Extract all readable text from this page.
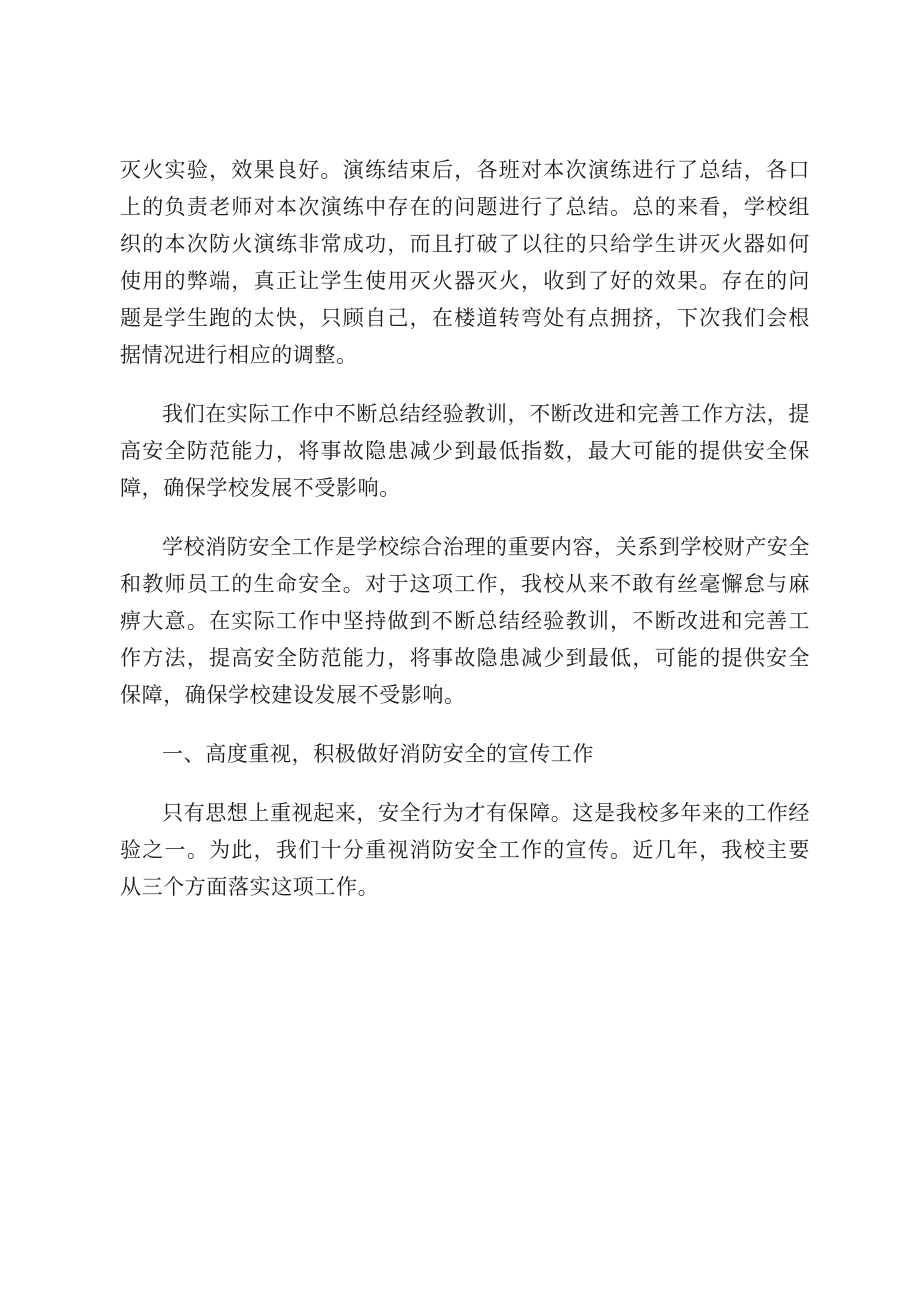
灭火实验，效果良好。演练结束后，各班对本次演练进行了总结，各口上的负责老师对本次演练中存在的问题进行了总结。总的来看，学校组织的本次防火演练非常成功，而且打破了以往的只给学生讲灭火器如何使用的弊端，真正让学生使用灭火器灭火，收到了好的效果。存在的问题是学生跑的太快，只顾自己，在楼道转弯处有点拥挤，下次我们会根据情况进行相应的调整。

我们在实际工作中不断总结经验教训，不断改进和完善工作方法，提高安全防范能力，将事故隐患减少到最低指数，最大可能的提供安全保障，确保学校发展不受影响。

学校消防安全工作是学校综合治理的重要内容，关系到学校财产安全和教师员工的生命安全。对于这项工作，我校从来不敢有丝毫懈怠与麻痹大意。在实际工作中坚持做到不断总结经验教训，不断改进和完善工作方法，提高安全防范能力，将事故隐患减少到最低，可能的提供安全保障，确保学校建设发展不受影响。

一、高度重视，积极做好消防安全的宣传工作

只有思想上重视起来，安全行为才有保障。这是我校多年来的工作经验之一。为此，我们十分重视消防安全工作的宣传。近几年，我校主要从三个方面落实这项工作。
